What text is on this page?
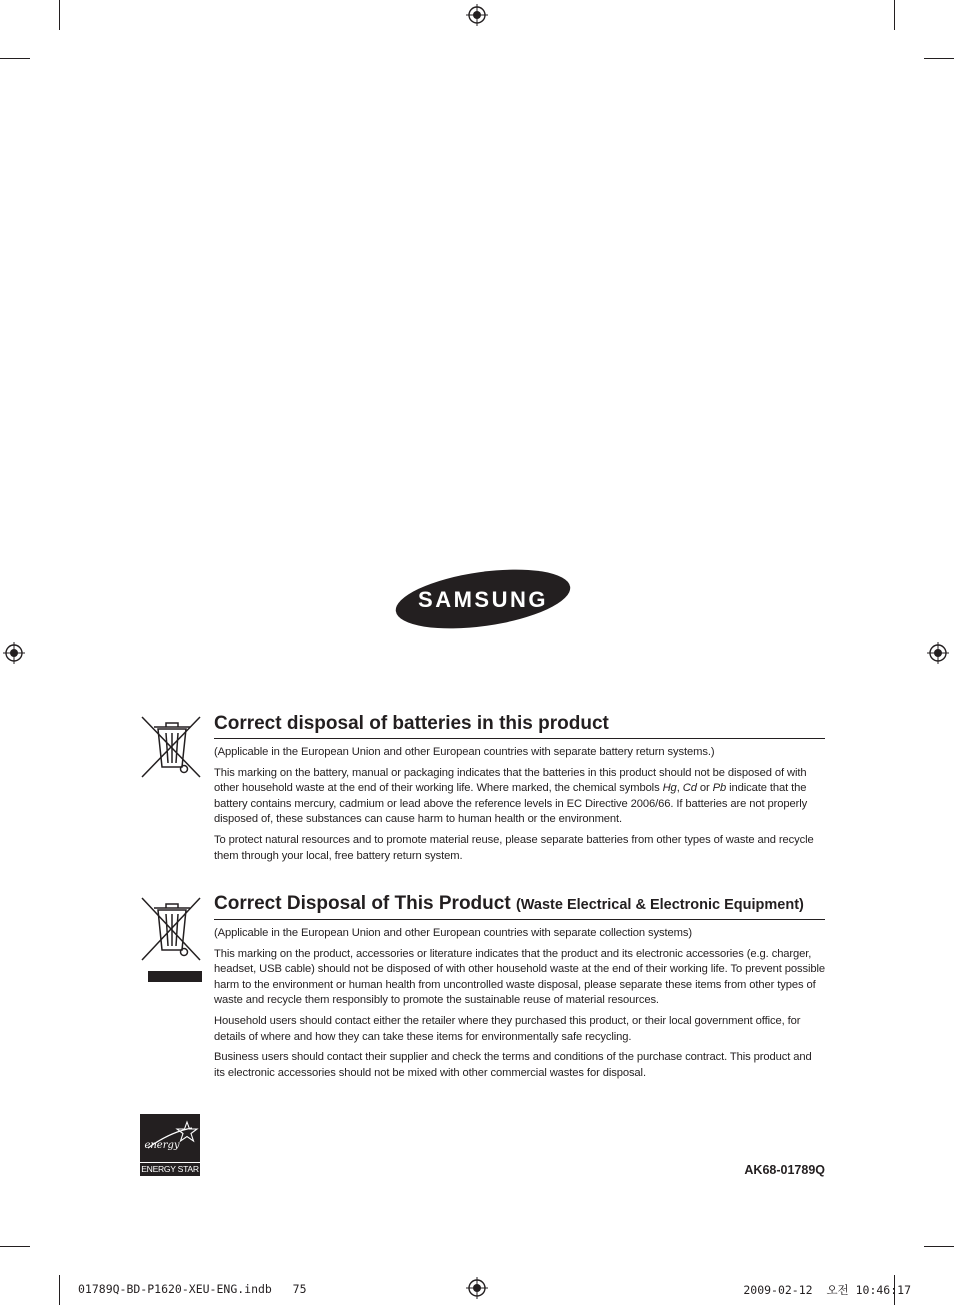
SAMSUNG
Correct disposal of batteries in this product

(Applicable in the European Union and other European countries with separate battery return systems.)

This marking on the battery, manual or packaging indicates that the batteries in this product should not be disposed of with other household waste at the end of their working life. Where marked, the chemical symbols Hg, Cd or Pb indicate that the battery contains mercury, cadmium or lead above the reference levels in EC Directive 2006/66. If batteries are not properly disposed of, these substances can cause harm to human health or the environment.

To protect natural resources and to promote material reuse, please separate batteries from other types of waste and recycle them through your local, free battery return system.

Correct Disposal of This Product (Waste Electrical & Electronic Equipment)

(Applicable in the European Union and other European countries with separate collection systems)

This marking on the product, accessories or literature indicates that the product and its electronic accessories (e.g. charger, headset, USB cable) should not be disposed of with other household waste at the end of their working life. To prevent possible harm to the environment or human health from uncontrolled waste disposal, please separate these items from other types of waste and recycle them responsibly to promote the sustainable reuse of material resources.

Household users should contact either the retailer where they purchased this product, or their local government office, for details of where and how they can take these items for environmentally safe recycling.

Business users should contact their supplier and check the terms and conditions of the purchase contract. This product and its electronic accessories should not be mixed with other commercial wastes for disposal.

energy
ENERGY STAR	AK68-01789Q
01789Q-BD-P1620-XEU-ENG.indb 75	2009-02-12 오전 10:46:17
